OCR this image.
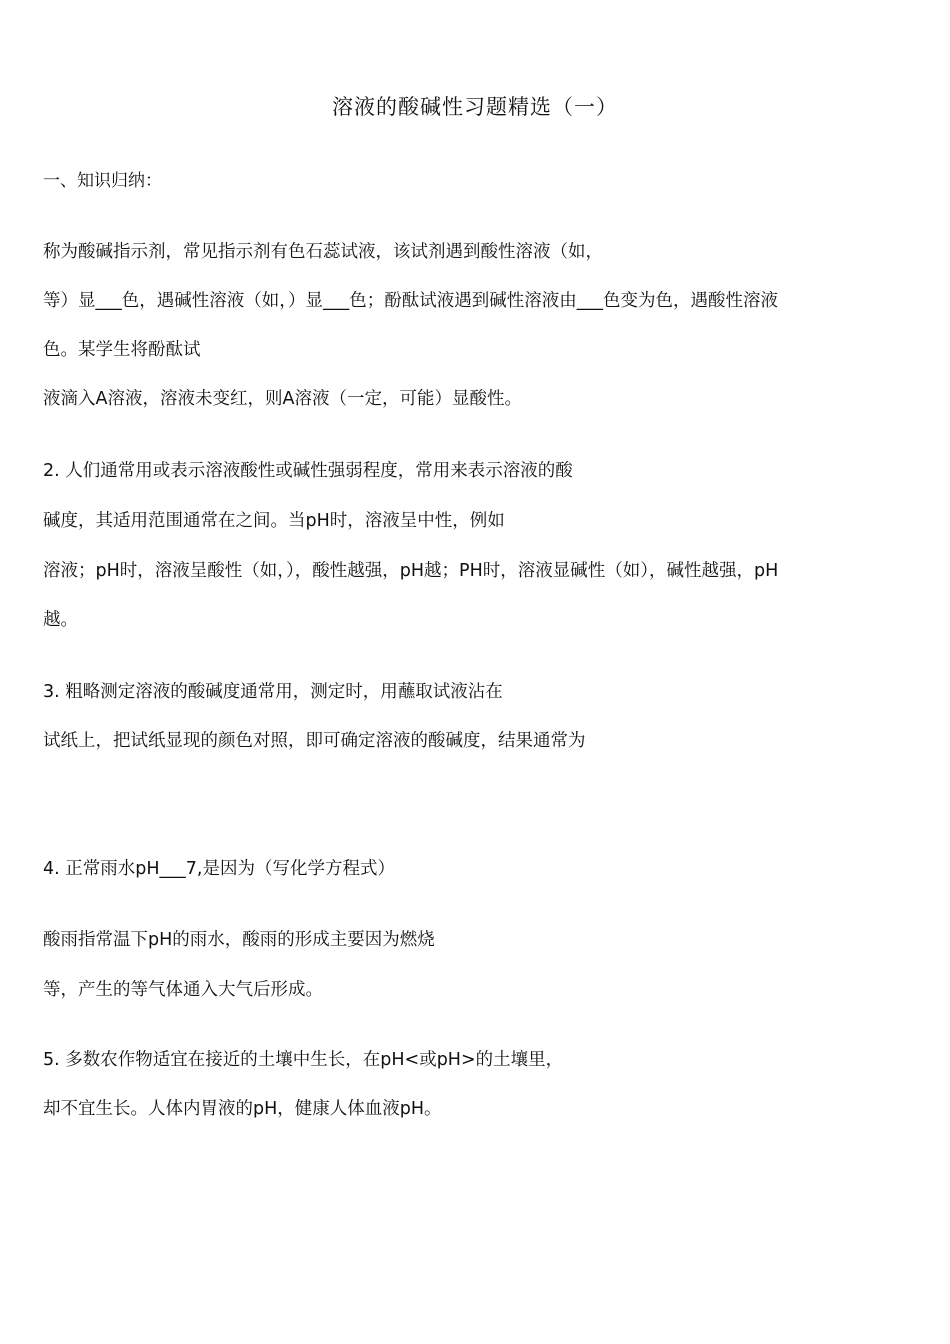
溶液的酸碱性习题精选（一）
一、知识归纳：
称为酸碱指示剂，常见指示剂有色石蕊试液，该试剂遇到酸性溶液（如，
等）显___色，遇碱性溶液（如，）显___色；酚酞试液遇到碱性溶液由___色变为色，遇酸性溶液
色。某学生将酚酞试
液滴入A溶液，溶液未变红，则A溶液（一定，可能）显酸性。
2. 人们通常用或表示溶液酸性或碱性强弱程度，常用来表示溶液的酸
碱度，其适用范围通常在之间。当pH时，溶液呈中性，例如
溶液；pH时，溶液呈酸性（如，），酸性越强，pH越；PH时，溶液显碱性（如），碱性越强，pH
越。
3. 粗略测定溶液的酸碱度通常用，测定时，用蘸取试液沾在
试纸上，把试纸显现的颜色对照，即可确定溶液的酸碱度，结果通常为
4. 正常雨水pH___7,是因为（写化学方程式）
酸雨指常温下pH的雨水，酸雨的形成主要因为燃烧
等，产生的等气体通入大气后形成。
5. 多数农作物适宜在接近的土壤中生长，在pH<或pH>的土壤里，
却不宜生长。人体内胃液的pH，健康人体血液pH。
